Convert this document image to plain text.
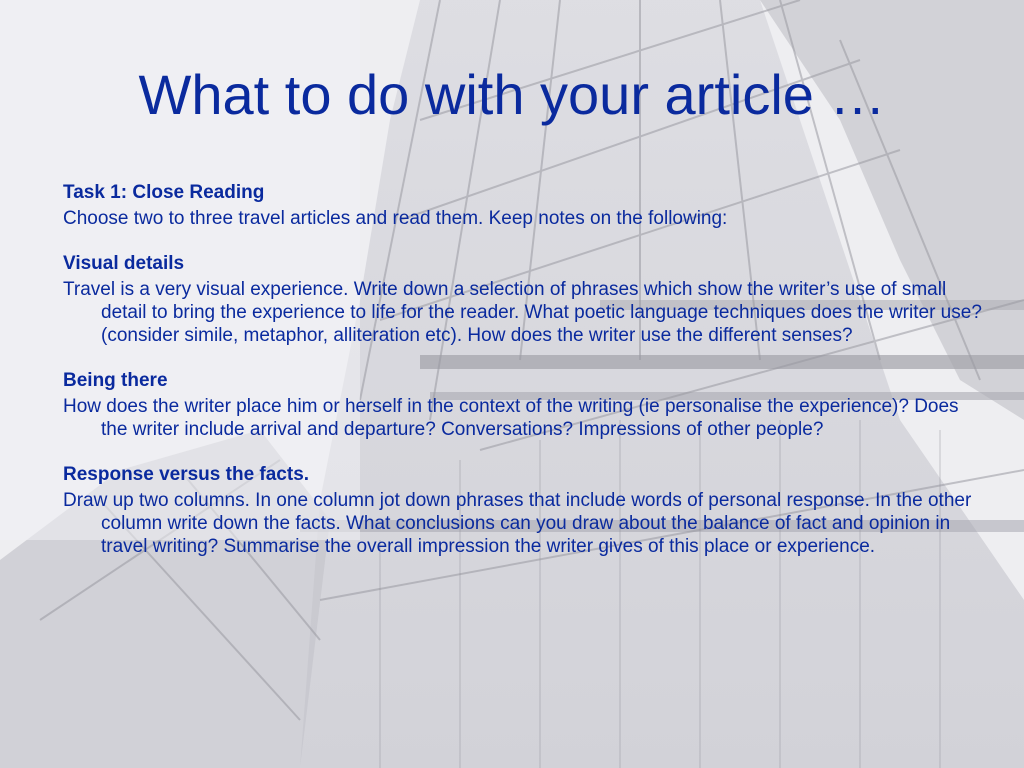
What to do with your article …
Task 1: Close Reading
Choose two to three travel articles and read them. Keep notes on the following:
Visual details
Travel is a very visual experience. Write down a selection of phrases which show the writer’s use of small detail to bring the experience to life for the reader. What poetic language techniques does the writer use? (consider simile, metaphor, alliteration etc). How does the writer use the different senses?
Being there
How does the writer place him or herself in the context of the writing (ie personalise the experience)? Does the writer include arrival and departure? Conversations? Impressions of other people?
Response versus the facts.
Draw up two columns. In one column jot down phrases that include words of personal response. In the other column write down the facts. What conclusions can you draw about the balance of fact and opinion in travel writing? Summarise the overall impression the writer gives of this place or experience.
